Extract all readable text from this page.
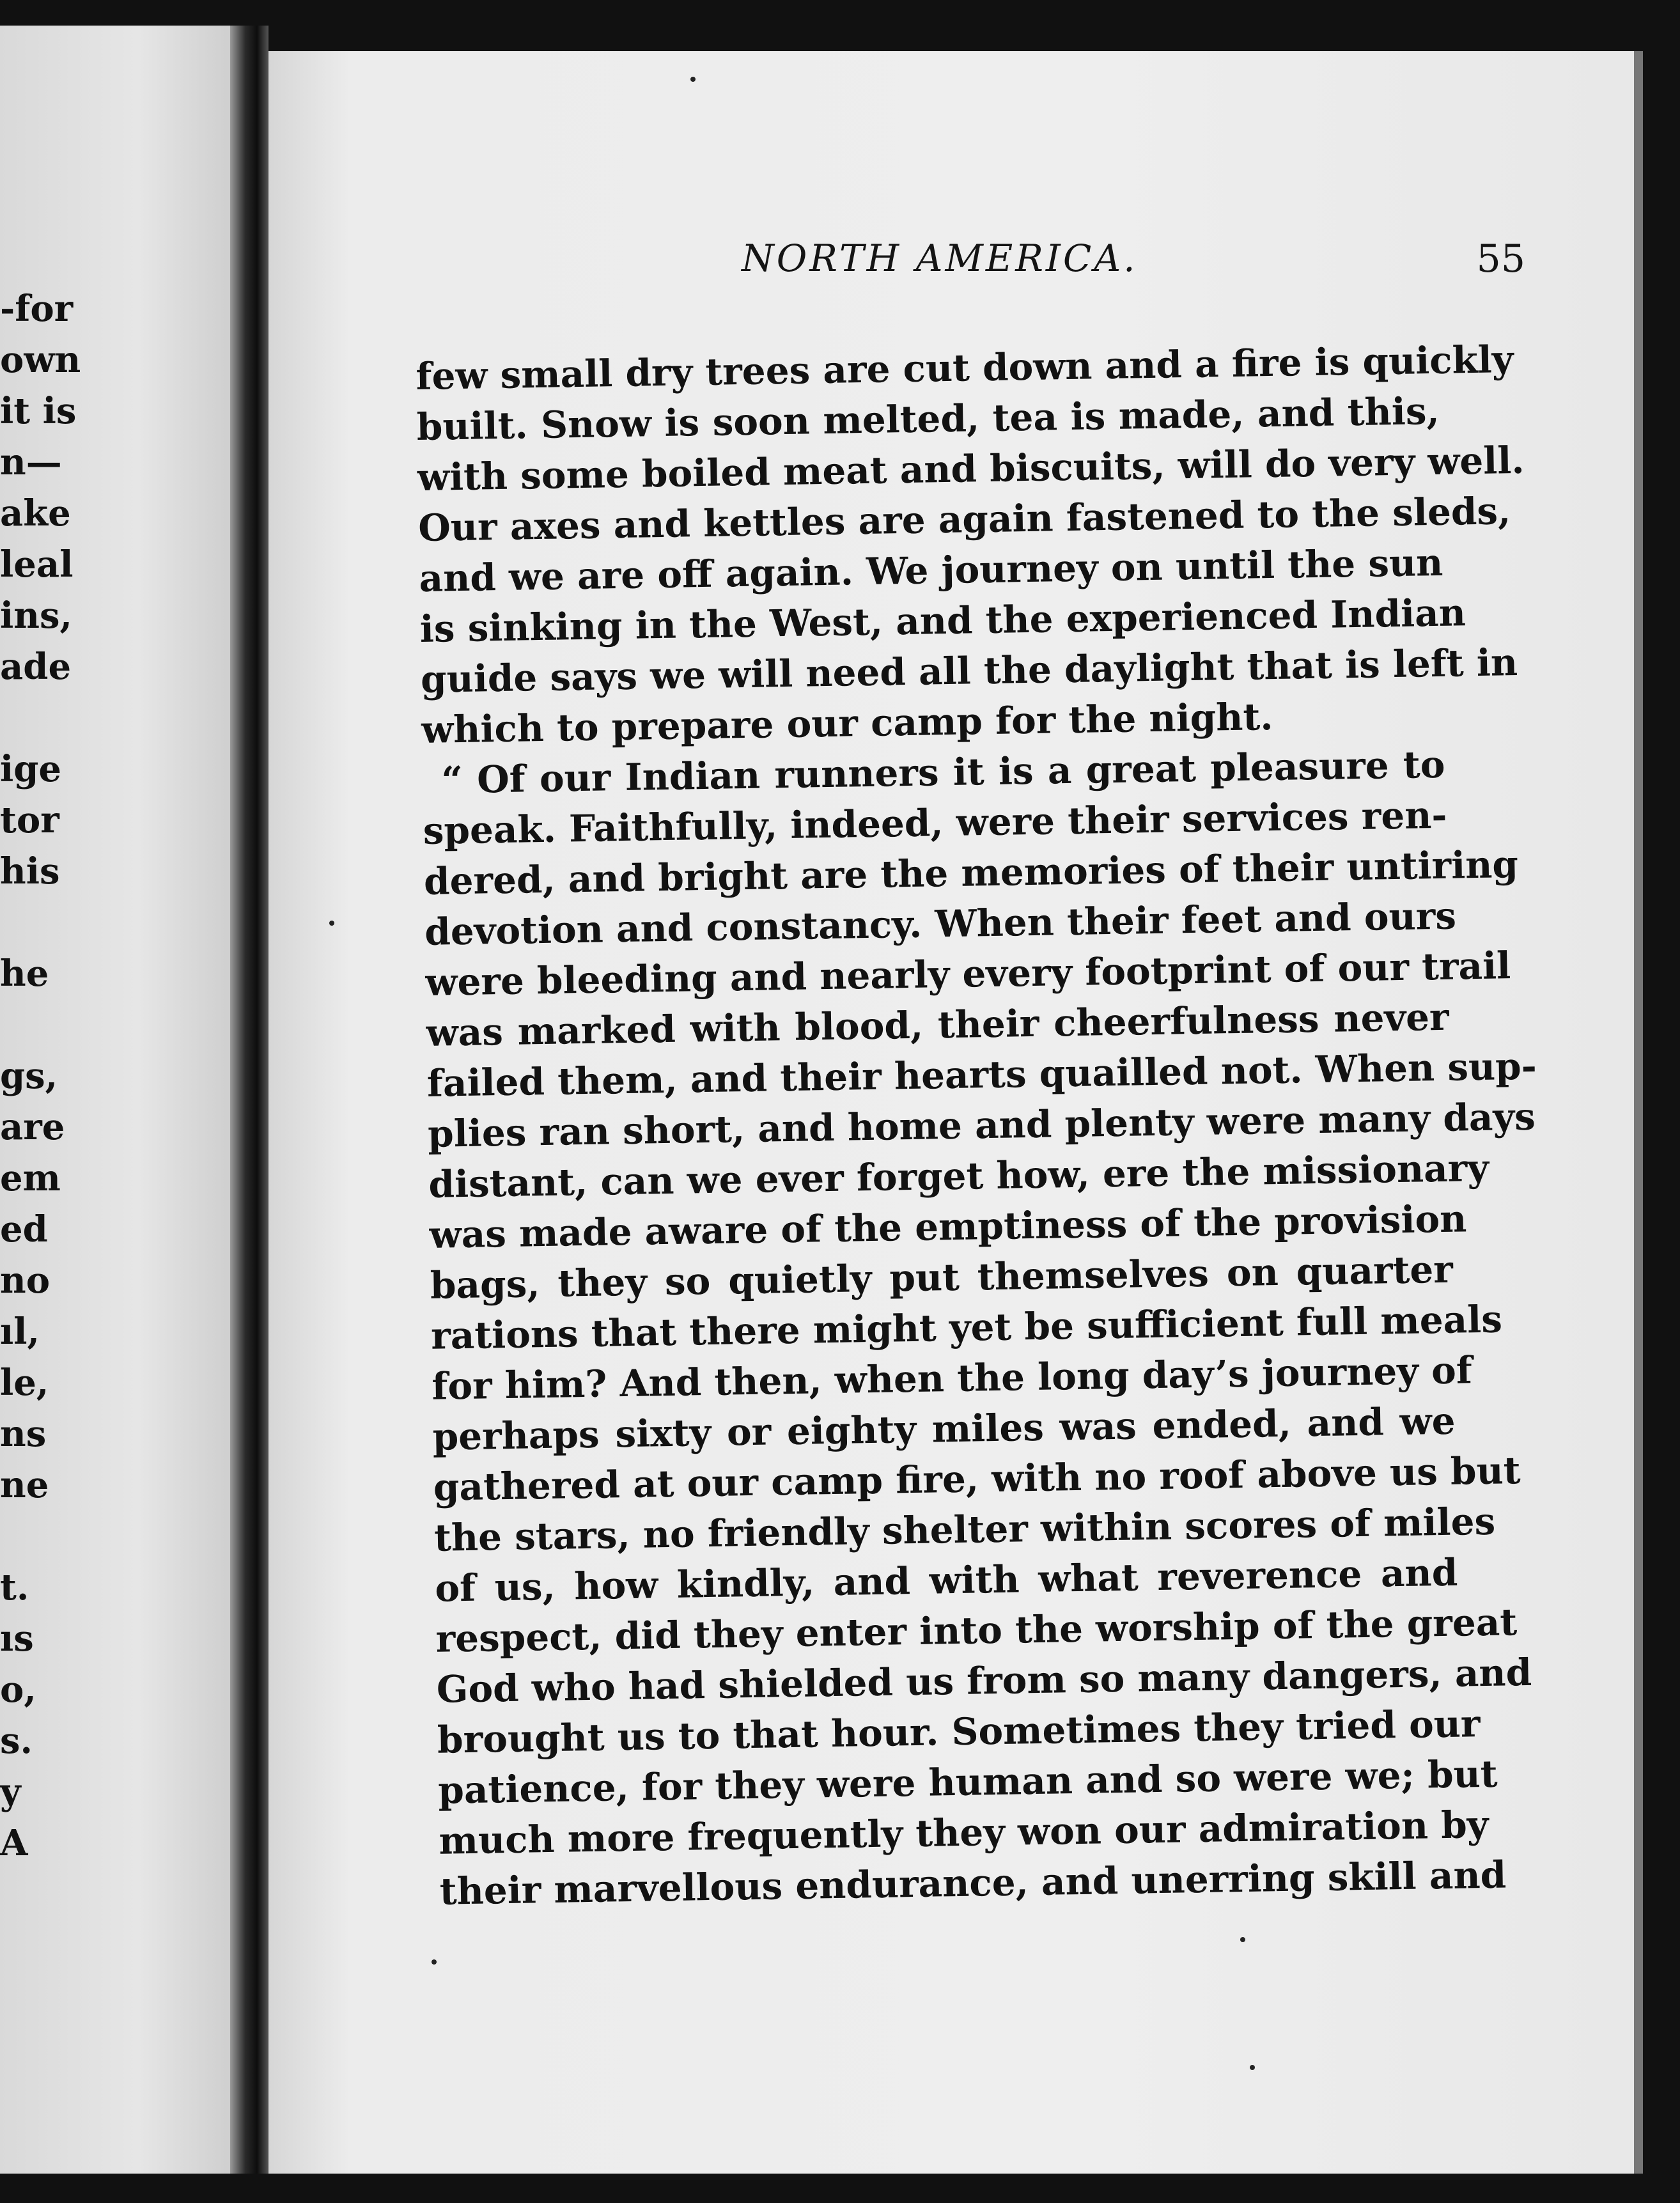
-for
own
it is
n—
ake
leal
ins,
ade
ige
tor
his
he
gs,
are
em
ed
no
ıl,
le,
ns
ne
t.
ıs
o,
s.
y
A
NORTH AMERICA.	55
few small dry trees are cut down and a fire is quickly
built. Snow is soon melted, tea is made, and this,
with some boiled meat and biscuits, will do very well.
Our axes and kettles are again fastened to the sleds,
and we are off again. We journey on until the sun
is sinking in the West, and the experienced Indian
guide says we will need all the daylight that is left in
which to prepare our camp for the night.
“ Of our Indian runners it is a great pleasure to
speak. Faithfully, indeed, were their services ren-
dered, and bright are the memories of their untiring
devotion and constancy. When their feet and ours
were bleeding and nearly every footprint of our trail
was marked with blood, their cheerfulness never
failed them, and their hearts quailled not. When sup-
plies ran short, and home and plenty were many days
distant, can we ever forget how, ere the missionary
was made aware of the emptiness of the provision
bags, they so quietly put themselves on quarter
rations that there might yet be sufficient full meals
for him? And then, when the long day’s journey of
perhaps sixty or eighty miles was ended, and we
gathered at our camp fire, with no roof above us but
the stars, no friendly shelter within scores of miles
of us, how kindly, and with what reverence and
respect, did they enter into the worship of the great
God who had shielded us from so many dangers, and
brought us to that hour. Sometimes they tried our
patience, for they were human and so were we; but
much more frequently they won our admiration by
their marvellous endurance, and unerring skill and
